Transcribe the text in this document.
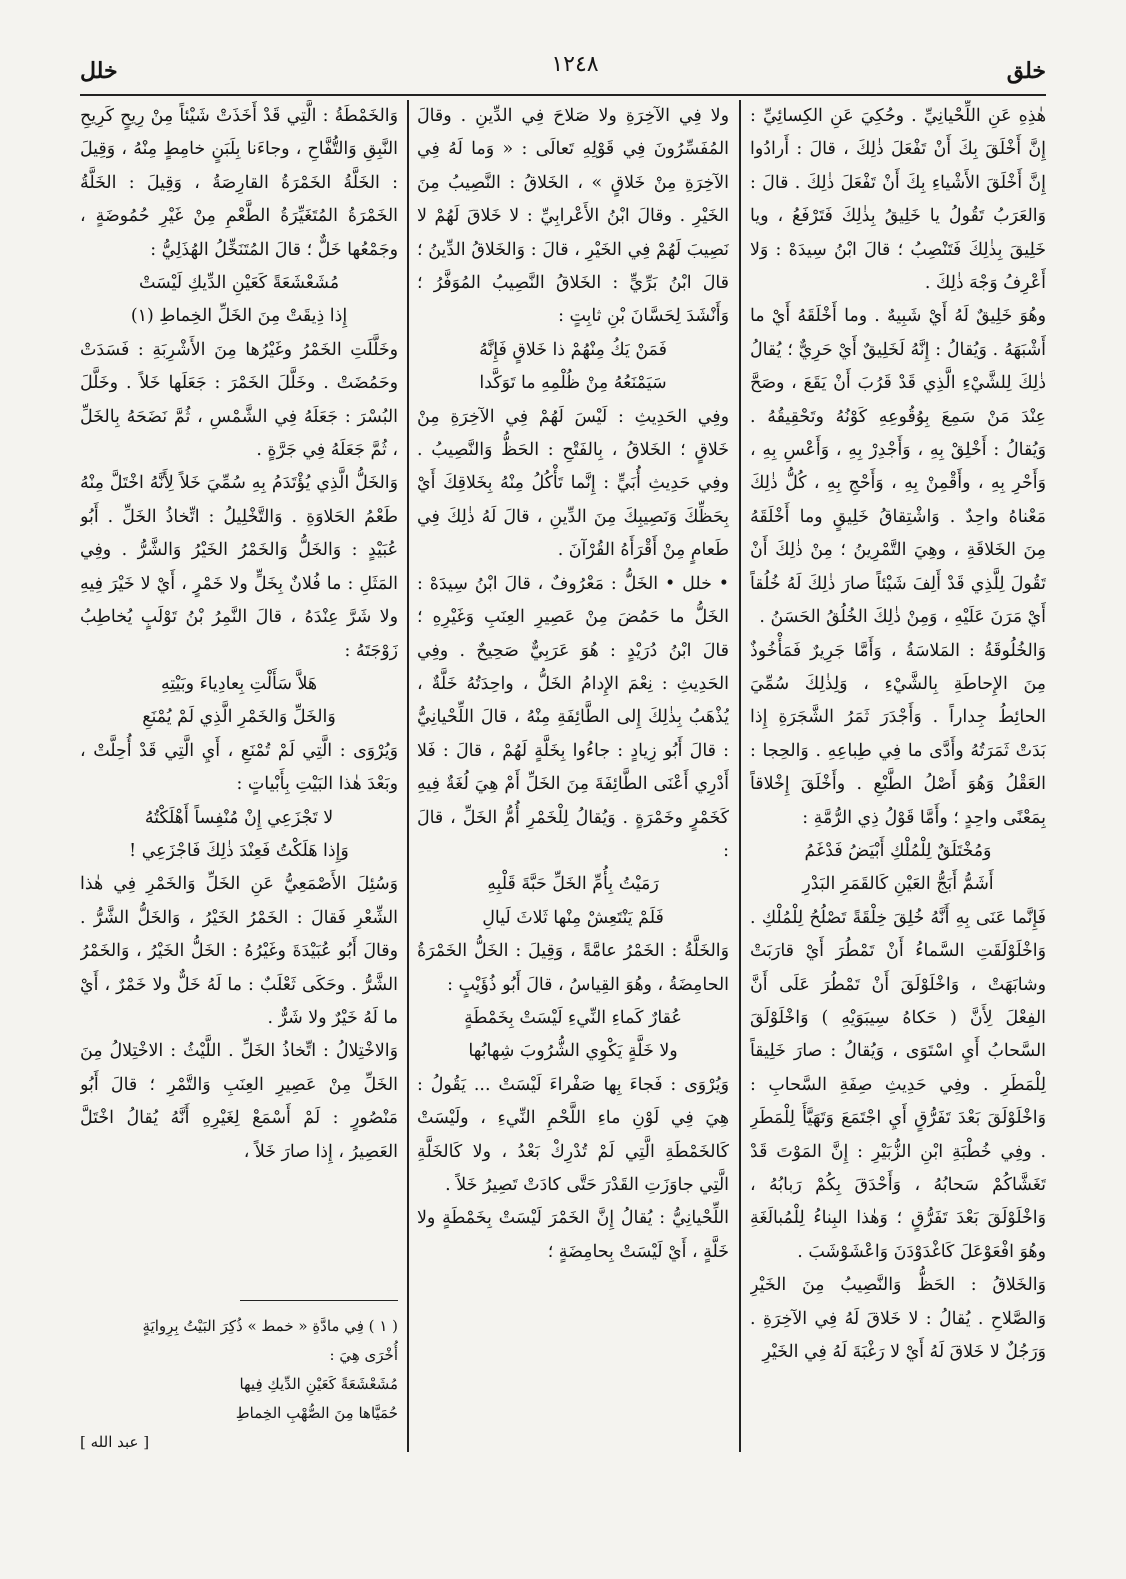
خلل	١٢٤٨	خلق

هٰذِهِ عَنِ اللِّحْيانِيِّ . وحُكِيَ عَنِ الكِسائِيِّ : إِنَّ أَخْلَقَ بِكَ أَنْ تَفْعَلَ ذٰلِكَ ، قالَ : أَرادُوا إِنَّ أَخْلَقَ الأَشْياءِ بِكَ أَنْ تَفْعَلَ ذٰلِكَ . قالَ : وَالعَرَبُ تَقُولُ يا خَلِيقُ بِذٰلِكَ فَتَرْفَعُ ، ويا خَلِيقَ بِذٰلِكَ فَتَنْصِبُ ؛ قالَ ابْنُ سِيدَهْ : وَلا أَعْرِفُ وَجْهَ ذٰلِكَ .

وهُوَ خَلِيقٌ لَهُ أَيْ شَبِيهٌ . وما أَخْلَقَهُ أَيْ ما أَشْبَهَهُ . وَيُقالُ : إِنَّهُ لَخَلِيقٌ أَيْ حَرِيٌّ ؛ يُقالُ ذٰلِكَ لِلشَّيْءِ الَّذِي قَدْ قَرُبَ أَنْ يَقَعَ ، وصَحَّ عِنْدَ مَنْ سَمِعَ بِوُقُوعِهِ كَوْنُهُ وتَحْقِيقُهُ . وَيُقالُ : أَخْلِقْ بِهِ ، وَأَجْدِرْ بِهِ ، وَأَعْسِ بِهِ ، وَأَحْرِ بِهِ ، وأَقْمِنْ بِهِ ، وَأَحْجِ بِهِ ، كُلُّ ذٰلِكَ مَعْناهُ واحِدٌ . وَاشْتِقاقُ خَلِيقٍ وما أَخْلَقَهُ مِنَ الخَلاقَةِ ، وهِيَ التَّمْرِينُ ؛ مِنْ ذٰلِكَ أَنْ تَقُولَ لِلَّذِي قَدْ أَلِفَ شَيْئاً صارَ ذٰلِكَ لَهُ خُلُقاً أَيْ مَرَنَ عَلَيْهِ ، وَمِنْ ذٰلِكَ الخُلُقُ الحَسَنُ .

وَالخُلُوقَةُ : المَلاسَةُ ، وَأَمَّا جَرِيرٌ فَمَأْخُوذٌ مِنَ الإِحاطَةِ بِالشَّيْءِ ، وَلِذٰلِكَ سُمِّيَ الحائِطُ جِداراً . وَأَجْدَرَ ثَمَرُ الشَّجَرَةِ إِذا بَدَتْ ثَمَرَتُهُ وأَدَّى ما فِي طِباعِهِ . وَالحِجا : العَقْلُ وَهُوَ أَصْلُ الطَّبْعِ . وأَخْلَقَ إِخْلاقاً بِمَعْنًى واحِدٍ ؛ وأَمَّا قَوْلُ ذِي الرُّمَّةِ :

وَمُخْتَلَقٌ لِلْمُلْكِ أَبْيَضُ فَدْغَمُ

أَشَمُّ أَبَجُّ العَيْنِ كَالقَمَرِ البَدْرِ

فَإِنَّما عَنَى بِهِ أَنَّهُ خُلِقَ خِلْقَةً تَصْلُحُ لِلْمُلْكِ . وَاخْلَوْلَقَتِ السَّماءُ أَنْ تَمْطُرَ أَيْ قارَبَتْ وشابَهَتْ ، وَاخْلَوْلَقَ أَنْ تَمْطُرَ عَلَى أَنَّ الفِعْلَ لِأَنَّ ( حَكاهُ سِيبَوَيْهِ ) وَاخْلَوْلَقَ السَّحابُ أَيِ اسْتَوَى ، وَيُقالُ : صارَ خَلِيقاً لِلْمَطَرِ . وفِي حَدِيثِ صِفَةِ السَّحابِ : وَاخْلَوْلَقَ بَعْدَ تَفَرُّقٍ أَيِ اجْتَمَعَ وَتَهَيَّأَ لِلْمَطَرِ . وفِي خُطْبَةِ ابْنِ الزُّبَيْرِ : إِنَّ المَوْتَ قَدْ تَغَشَّاكُمْ سَحابُهُ ، وَأَحْدَقَ بِكُمْ رَبابُهُ ، وَاخْلَوْلَقَ بَعْدَ تَفَرُّقٍ ؛ وَهٰذا البِناءُ لِلْمُبالَغَةِ وهُوَ افْعَوْعَلَ كَاغْدَوْدَنَ وَاعْشَوْشَبَ .

وَالخَلاقُ : الحَظُّ وَالنَّصِيبُ مِنَ الخَيْرِ وَالصَّلاحِ . يُقالُ : لا خَلاقَ لَهُ فِي الآخِرَةِ . وَرَجُلٌ لا خَلاقَ لَهُ أَيْ لا رَغْبَةَ لَهُ فِي الخَيْرِ

ولا فِي الآخِرَةِ ولا صَلاحَ فِي الدِّينِ . وقالَ المُفَسِّرُونَ فِي قَوْلِهِ تَعالَى : « وَما لَهُ فِي الآخِرَةِ مِنْ خَلاقٍ » ، الخَلاقُ : النَّصِيبُ مِنَ الخَيْرِ . وقالَ ابْنُ الأَعْرابِيِّ : لا خَلاقَ لَهُمْ لا نَصِيبَ لَهُمْ فِي الخَيْرِ ، قالَ : وَالخَلاقُ الدِّينُ ؛ قالَ ابْنُ بَرِّيٍّ : الخَلاقُ النَّصِيبُ المُوَفَّرُ ؛ وَأَنْشَدَ لِحَسَّانَ بْنِ ثابِتٍ :

فَمَنْ يَكُ مِنْهُمْ ذا خَلاقٍ فَإِنَّهُ

سَيَمْنَعُهُ مِنْ ظُلْمِهِ ما تَوَكَّدا

وفِي الحَدِيثِ : لَيْسَ لَهُمْ فِي الآخِرَةِ مِنْ خَلاقٍ ؛ الخَلاقُ ، بِالفَتْحِ : الحَظُّ وَالنَّصِيبُ . وفِي حَدِيثِ أُبَيٍّ : إِنَّما تَأْكُلُ مِنْهُ بِخَلاقِكَ أَيْ بِحَظِّكَ وَنَصِيبِكَ مِنَ الدِّينِ ، قالَ لَهُ ذٰلِكَ فِي طَعامٍ مِنْ أَقْرَأَهُ القُرْآنَ .

• خلل • الخَلُّ : مَعْرُوفٌ ، قالَ ابْنُ سِيدَهْ : الخَلُّ ما حَمُضَ مِنْ عَصِيرِ العِنَبِ وَغَيْرِهِ ؛ قالَ ابْنُ دُرَيْدٍ : هُوَ عَرَبِيٌّ صَحِيحٌ . وفِي الحَدِيثِ : نِعْمَ الإِدامُ الخَلُّ ، واحِدَتُهُ خَلَّةٌ ، يُذْهَبُ بِذٰلِكَ إِلى الطَّائِفَةِ مِنْهُ ، قالَ اللِّحْيانِيُّ : قالَ أَبُو زِيادٍ : جاءُوا بِخَلَّةٍ لَهُمْ ، قالَ : فَلا أَدْرِي أَعْنَى الطَّائِفَةَ مِنَ الخَلِّ أَمْ هِيَ لُغَةٌ فِيهِ كَخَمْرٍ وخَمْرَةٍ . وَيُقالُ لِلْخَمْرِ أُمُّ الخَلِّ ، قالَ :

رَمَيْتُ بِأُمِّ الخَلِّ حَبَّةَ قَلْبِهِ

فَلَمْ يَنْتَعِشْ مِنْها ثَلاثَ لَيالِ

وَالخَلَّةُ : الخَمْرُ عامَّةً ، وَقِيلَ : الخَلُّ الخَمْرَةُ الحامِضَةُ ، وهُوَ القِياسُ ، قالَ أَبُو ذُؤَيْبٍ :

عُقارٌ كَماءِ النِّيءِ لَيْسَتْ بِخَمْطَةٍ

ولا خَلَّةٍ يَكْوِي الشُّرُوبَ شِهابُها

وَيُرْوَى : فَجاءَ بِها صَفْراءَ لَيْسَتْ ... يَقُولُ : هِيَ فِي لَوْنِ ماءِ اللَّحْمِ النِّيءِ ، ولَيْسَتْ كَالخَمْطَةِ الَّتِي لَمْ تُدْرِكْ بَعْدُ ، ولا كَالخَلَّةِ الَّتِي جاوَزَتِ القَدْرَ حَتَّى كادَتْ تَصِيرُ خَلاً .

اللِّحْيانِيُّ : يُقالُ إِنَّ الخَمْرَ لَيْسَتْ بِخَمْطَةٍ ولا خَلَّةٍ ، أَيْ لَيْسَتْ بِحامِضَةٍ ؛

وَالخَمْطَةُ : الَّتِي قَدْ أَخَذَتْ شَيْئاً مِنْ رِيحٍ كَرِيحِ النَّبِقِ وَالتُّفَّاحِ ، وجاءَنا بِلَبَنٍ خامِطٍ مِنْهُ ، وَقِيلَ : الخَلَّةُ الخَمْرَةُ القارِصَةُ ، وَقِيلَ : الخَلَّةُ الخَمْرَةُ المُتَغَيِّرَةُ الطَّعْمِ مِنْ غَيْرِ حُمُوضَةٍ ، وجَمْعُها خَلٌّ ؛ قالَ المُتَنَخِّلُ الهُذَلِيُّ :

مُشَعْشَعَةً كَعَيْنِ الدِّيكِ لَيْسَتْ

إِذا ذِيقَتْ مِنَ الخَلِّ الخِماطِ (١)

وخَلَّلَتِ الخَمْرُ وغَيْرُها مِنَ الأَشْرِبَةِ : فَسَدَتْ وحَمُضَتْ . وخَلَّلَ الخَمْرَ : جَعَلَها خَلاً . وخَلَّلَ البُسْرَ : جَعَلَهُ فِي الشَّمْسِ ، ثُمَّ نَضَحَهُ بِالخَلِّ ، ثُمَّ جَعَلَهُ فِي جَرَّةٍ .

وَالخَلُّ الَّذِي يُؤْتَدَمُ بِهِ سُمِّيَ خَلاً لِأَنَّهُ اخْتَلَّ مِنْهُ طَعْمُ الحَلاوَةِ . وَالتَّخْلِيلُ : اتِّخاذُ الخَلِّ . أَبُو عُبَيْدٍ : وَالخَلُّ وَالخَمْرُ الخَيْرُ وَالشَّرُّ . وفِي المَثَلِ : ما فُلانٌ بِخَلٍّ ولا خَمْرٍ ، أَيْ لا خَيْرَ فِيهِ ولا شَرَّ عِنْدَهُ ، قالَ النَّمِرُ بْنُ تَوْلَبٍ يُخاطِبُ زَوْجَتَهُ :

هَلاَّ سَأَلْتِ بِعادِياءَ وبَيْتِهِ

وَالخَلِّ وَالخَمْرِ الَّذِي لَمْ يُمْنَعِ

وَيُرْوَى : الَّتِي لَمْ تُمْنَعِ ، أَيِ الَّتِي قَدْ أُحِلَّتْ ، وبَعْدَ هٰذا البَيْتِ بِأَبْياتٍ :

لا تَجْزَعِي إِنْ مُنْفِساً أَهْلَكْتُهُ

وَإِذا هَلَكْتُ فَعِنْدَ ذٰلِكَ فَاجْزَعِي !

وَسُئِلَ الأَصْمَعِيُّ عَنِ الخَلِّ وَالخَمْرِ فِي هٰذا الشِّعْرِ فَقالَ : الخَمْرُ الخَيْرُ ، وَالخَلُّ الشَّرُّ . وقالَ أَبُو عُبَيْدَةَ وغَيْرُهُ : الخَلُّ الخَيْرُ ، وَالخَمْرُ الشَّرُّ . وحَكَى ثَعْلَبٌ : ما لَهُ خَلٌّ ولا خَمْرٌ ، أَيْ ما لَهُ خَيْرٌ ولا شَرٌّ .

وَالاخْتِلالُ : اتِّخاذُ الخَلِّ . اللَّيْثُ : الاخْتِلالُ مِنَ الخَلِّ مِنْ عَصِيرِ العِنَبِ وَالتَّمْرِ ؛ قالَ أَبُو مَنْصُورٍ : لَمْ أَسْمَعْ لِغَيْرِهِ أَنَّهُ يُقالُ اخْتَلَّ العَصِيرُ ، إِذا صارَ خَلاً ،

( ١ ) فِي مادَّةِ « خمط » ذُكِرَ البَيْتُ بِرِوايَةٍ

أُخْرَى هِيَ :

مُشَعْشَعَةً كَعَيْنِ الدِّيكِ فِيها

حُمَيَّاها مِنَ الصُّهْبِ الخِماطِ

[ عبد الله ]
